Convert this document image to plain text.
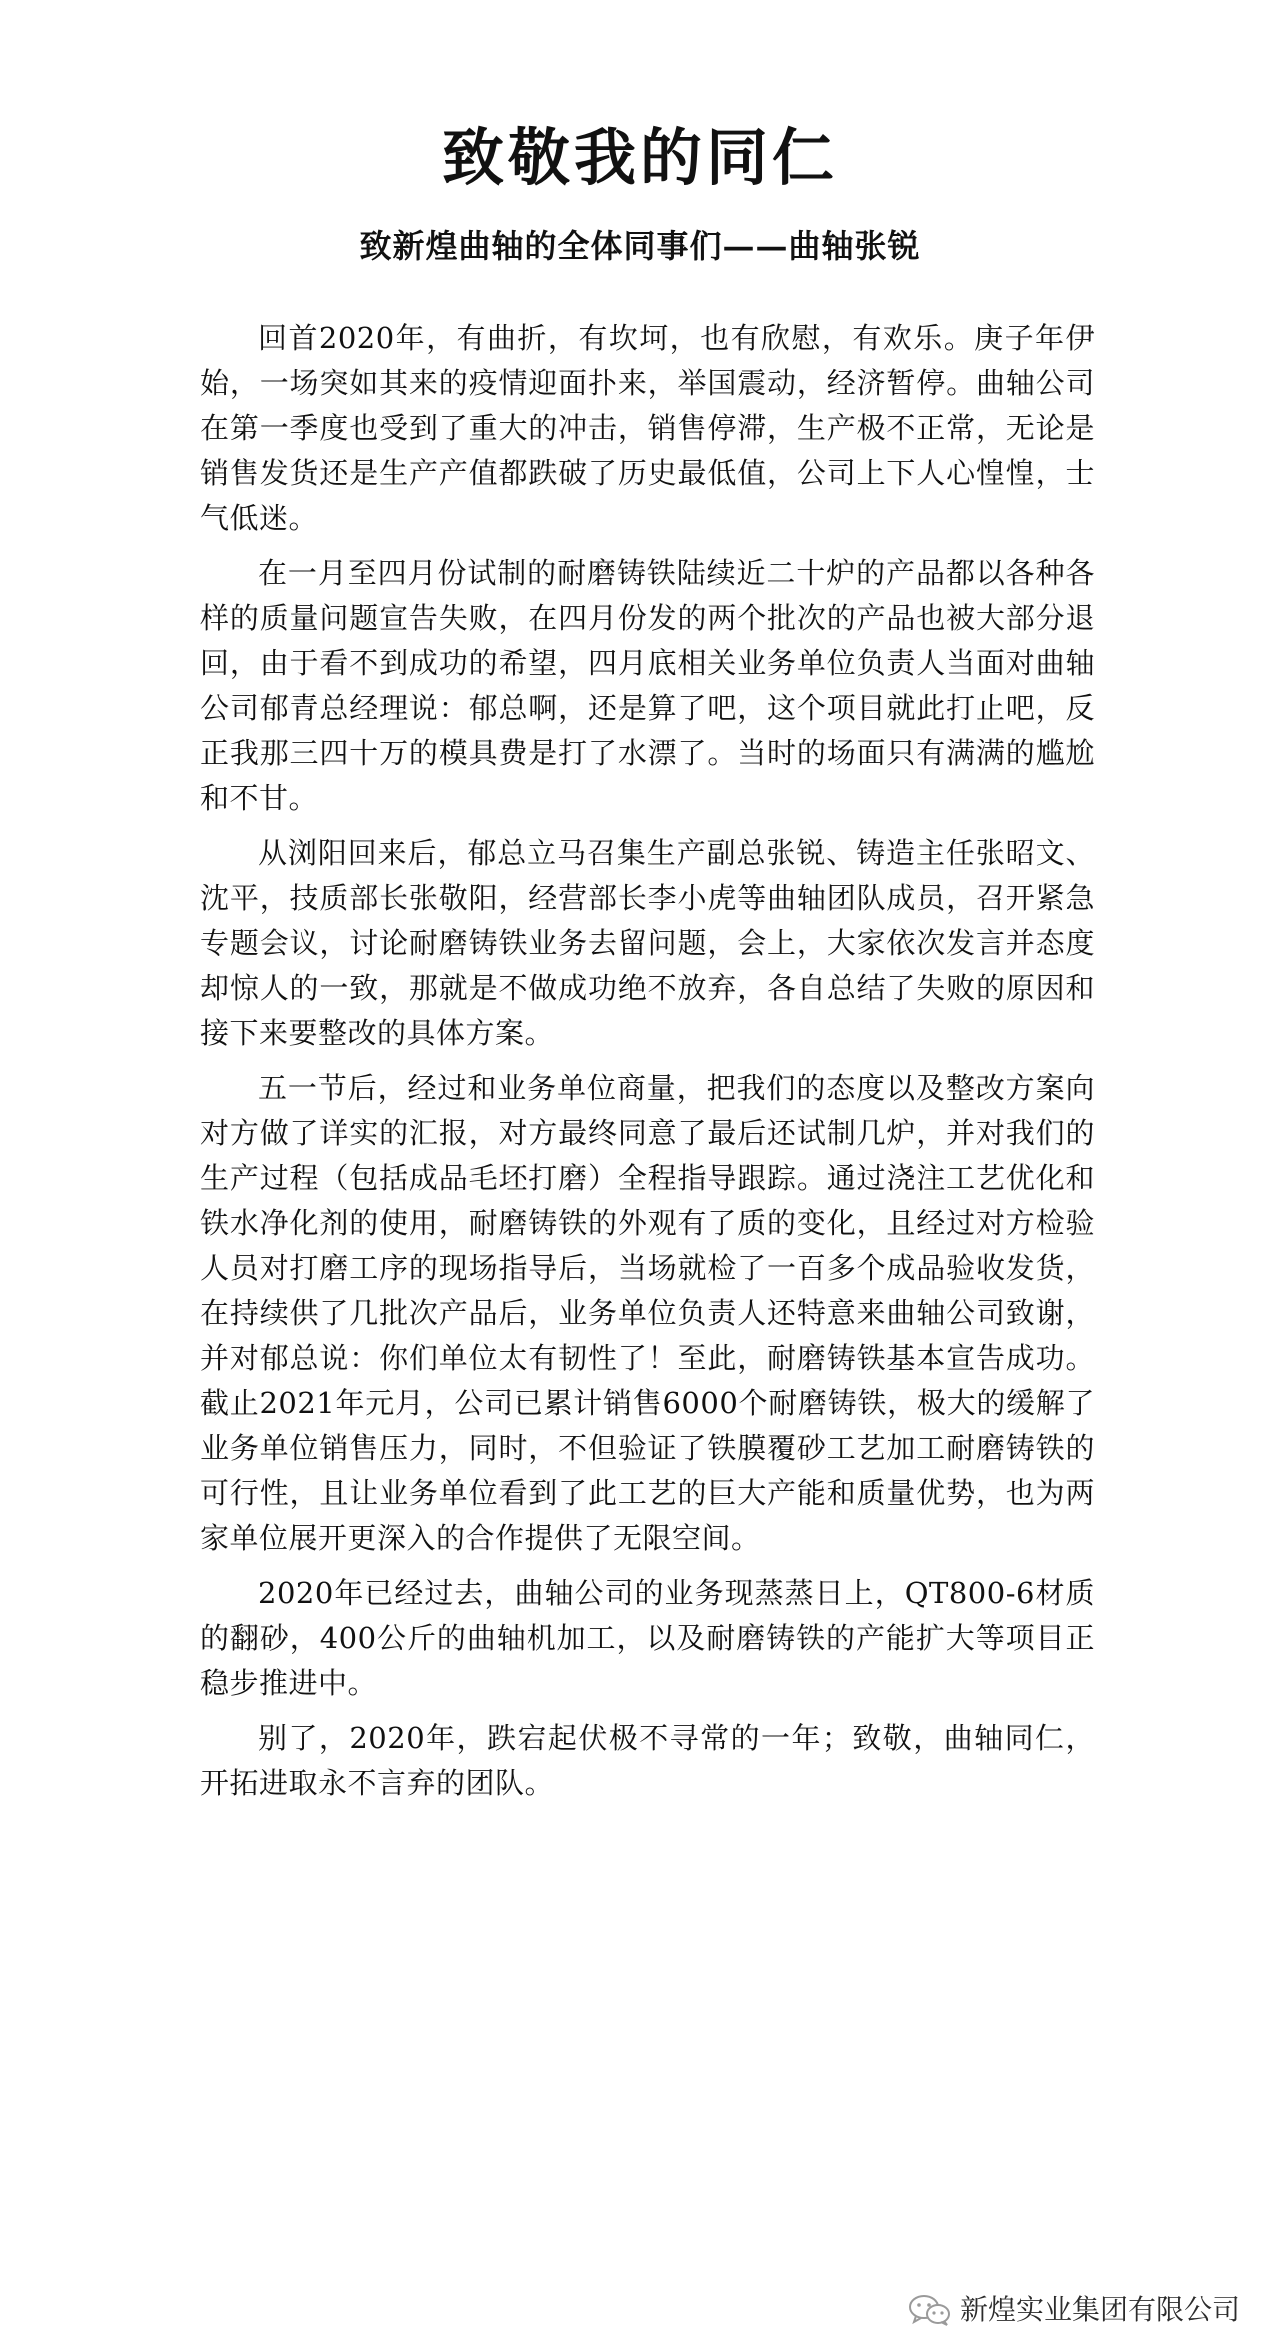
致敬我的同仁
致新煌曲轴的全体同事们——曲轴张锐

回首2020年，有曲折，有坎坷，也有欣慰，有欢乐。庚子年伊始，一场突如其来的疫情迎面扑来，举国震动，经济暂停。曲轴公司在第一季度也受到了重大的冲击，销售停滞，生产极不正常，无论是销售发货还是生产产值都跌破了历史最低值，公司上下人心惶惶，士气低迷。

在一月至四月份试制的耐磨铸铁陆续近二十炉的产品都以各种各样的质量问题宣告失败，在四月份发的两个批次的产品也被大部分退回，由于看不到成功的希望，四月底相关业务单位负责人当面对曲轴公司郁青总经理说：郁总啊，还是算了吧，这个项目就此打止吧，反正我那三四十万的模具费是打了水漂了。当时的场面只有满满的尴尬和不甘。

从浏阳回来后，郁总立马召集生产副总张锐、铸造主任张昭文、沈平，技质部长张敬阳，经营部长李小虎等曲轴团队成员，召开紧急专题会议，讨论耐磨铸铁业务去留问题，会上，大家依次发言并态度却惊人的一致，那就是不做成功绝不放弃，各自总结了失败的原因和接下来要整改的具体方案。

五一节后，经过和业务单位商量，把我们的态度以及整改方案向对方做了详实的汇报，对方最终同意了最后还试制几炉，并对我们的生产过程（包括成品毛坯打磨）全程指导跟踪。通过浇注工艺优化和铁水净化剂的使用，耐磨铸铁的外观有了质的变化，且经过对方检验人员对打磨工序的现场指导后，当场就检了一百多个成品验收发货，在持续供了几批次产品后，业务单位负责人还特意来曲轴公司致谢，并对郁总说：你们单位太有韧性了！至此，耐磨铸铁基本宣告成功。截止2021年元月，公司已累计销售6000个耐磨铸铁，极大的缓解了业务单位销售压力，同时，不但验证了铁膜覆砂工艺加工耐磨铸铁的可行性，且让业务单位看到了此工艺的巨大产能和质量优势，也为两家单位展开更深入的合作提供了无限空间。

2020年已经过去，曲轴公司的业务现蒸蒸日上，QT800-6材质的翻砂，400公斤的曲轴机加工，以及耐磨铸铁的产能扩大等项目正稳步推进中。

别了，2020年，跌宕起伏极不寻常的一年；致敬，曲轴同仁，开拓进取永不言弃的团队。

新煌实业集团有限公司
